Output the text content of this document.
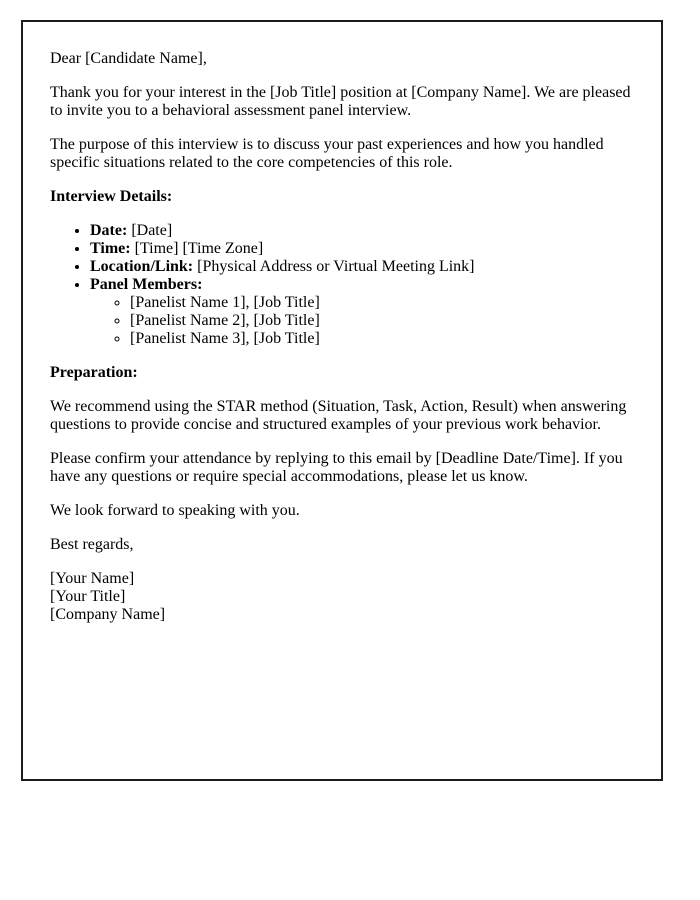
Dear [Candidate Name],

Thank you for your interest in the [Job Title] position at [Company Name]. We are pleased to invite you to a behavioral assessment panel interview.

The purpose of this interview is to discuss your past experiences and how you handled specific situations related to the core competencies of this role.

Interview Details:

• Date: [Date]
• Time: [Time] [Time Zone]
• Location/Link: [Physical Address or Virtual Meeting Link]
• Panel Members:
◦ [Panelist Name 1], [Job Title]
◦ [Panelist Name 2], [Job Title]
◦ [Panelist Name 3], [Job Title]

Preparation:

We recommend using the STAR method (Situation, Task, Action, Result) when answering questions to provide concise and structured examples of your previous work behavior.

Please confirm your attendance by replying to this email by [Deadline Date/Time]. If you have any questions or require special accommodations, please let us know.

We look forward to speaking with you.

Best regards,

[Your Name]
[Your Title]
[Company Name]
